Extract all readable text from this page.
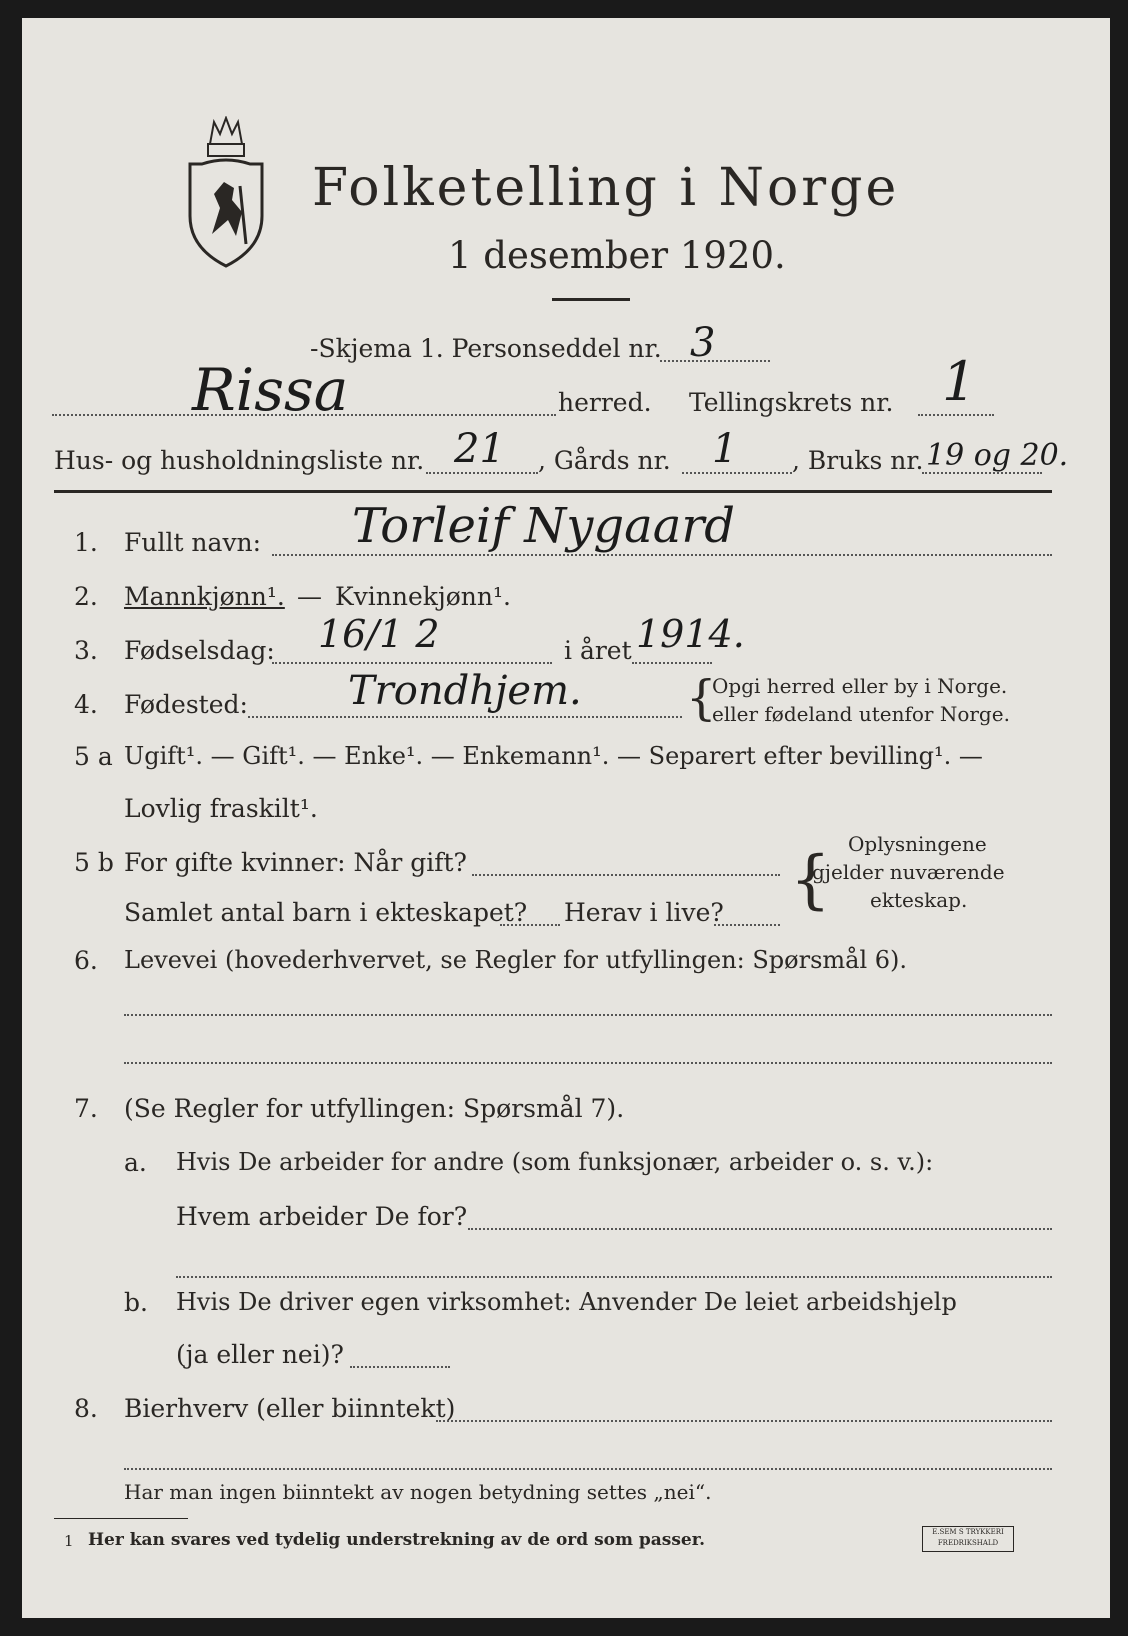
Folketelling i Norge
1 desember 1920.
-Skjema 1. Personseddel nr. 3
Rissa	herred. Tellingskrets nr. 1
Hus- og husholdningsliste nr. 21 , Gårds nr. 1 , Bruks nr. 19 og 20.
1. Fullt navn: Torleif Nygaard
2. Mannkjønn¹. — Kvinnekjønn¹.
3. Fødselsdag: 16/1 2	i året 1914.
4. Fødested:	Trondhjem. {
Opgi herred eller by i Norge.
eller fødeland utenfor Norge.
5 a Ugift¹. — Gift¹. — Enke¹. — Enkemann¹. — Separert efter bevilling¹. —
Lovlig fraskilt¹.
5 b For gifte kvinner: Når gift?
Samlet antal barn i ekteskapet? Herav i live? { Oplysningene
gjelder nuværende
ekteskap.
6. Levevei (hovederhvervet, se Regler for utfyllingen: Spørsmål 6).
7. (Se Regler for utfyllingen: Spørsmål 7).
a. Hvis De arbeider for andre (som funksjonær, arbeider o. s. v.):
Hvem arbeider De for?
b. Hvis De driver egen virksomhet: Anvender De leiet arbeidshjelp
(ja eller nei)?
8. Bierhverv (eller biinntekt)
Har man ingen biinntekt av nogen betydning settes „nei“.
1 Her kan svares ved tydelig understrekning av de ord som passer.	E.SEM S TRYKKERI FREDRIKSHALD
